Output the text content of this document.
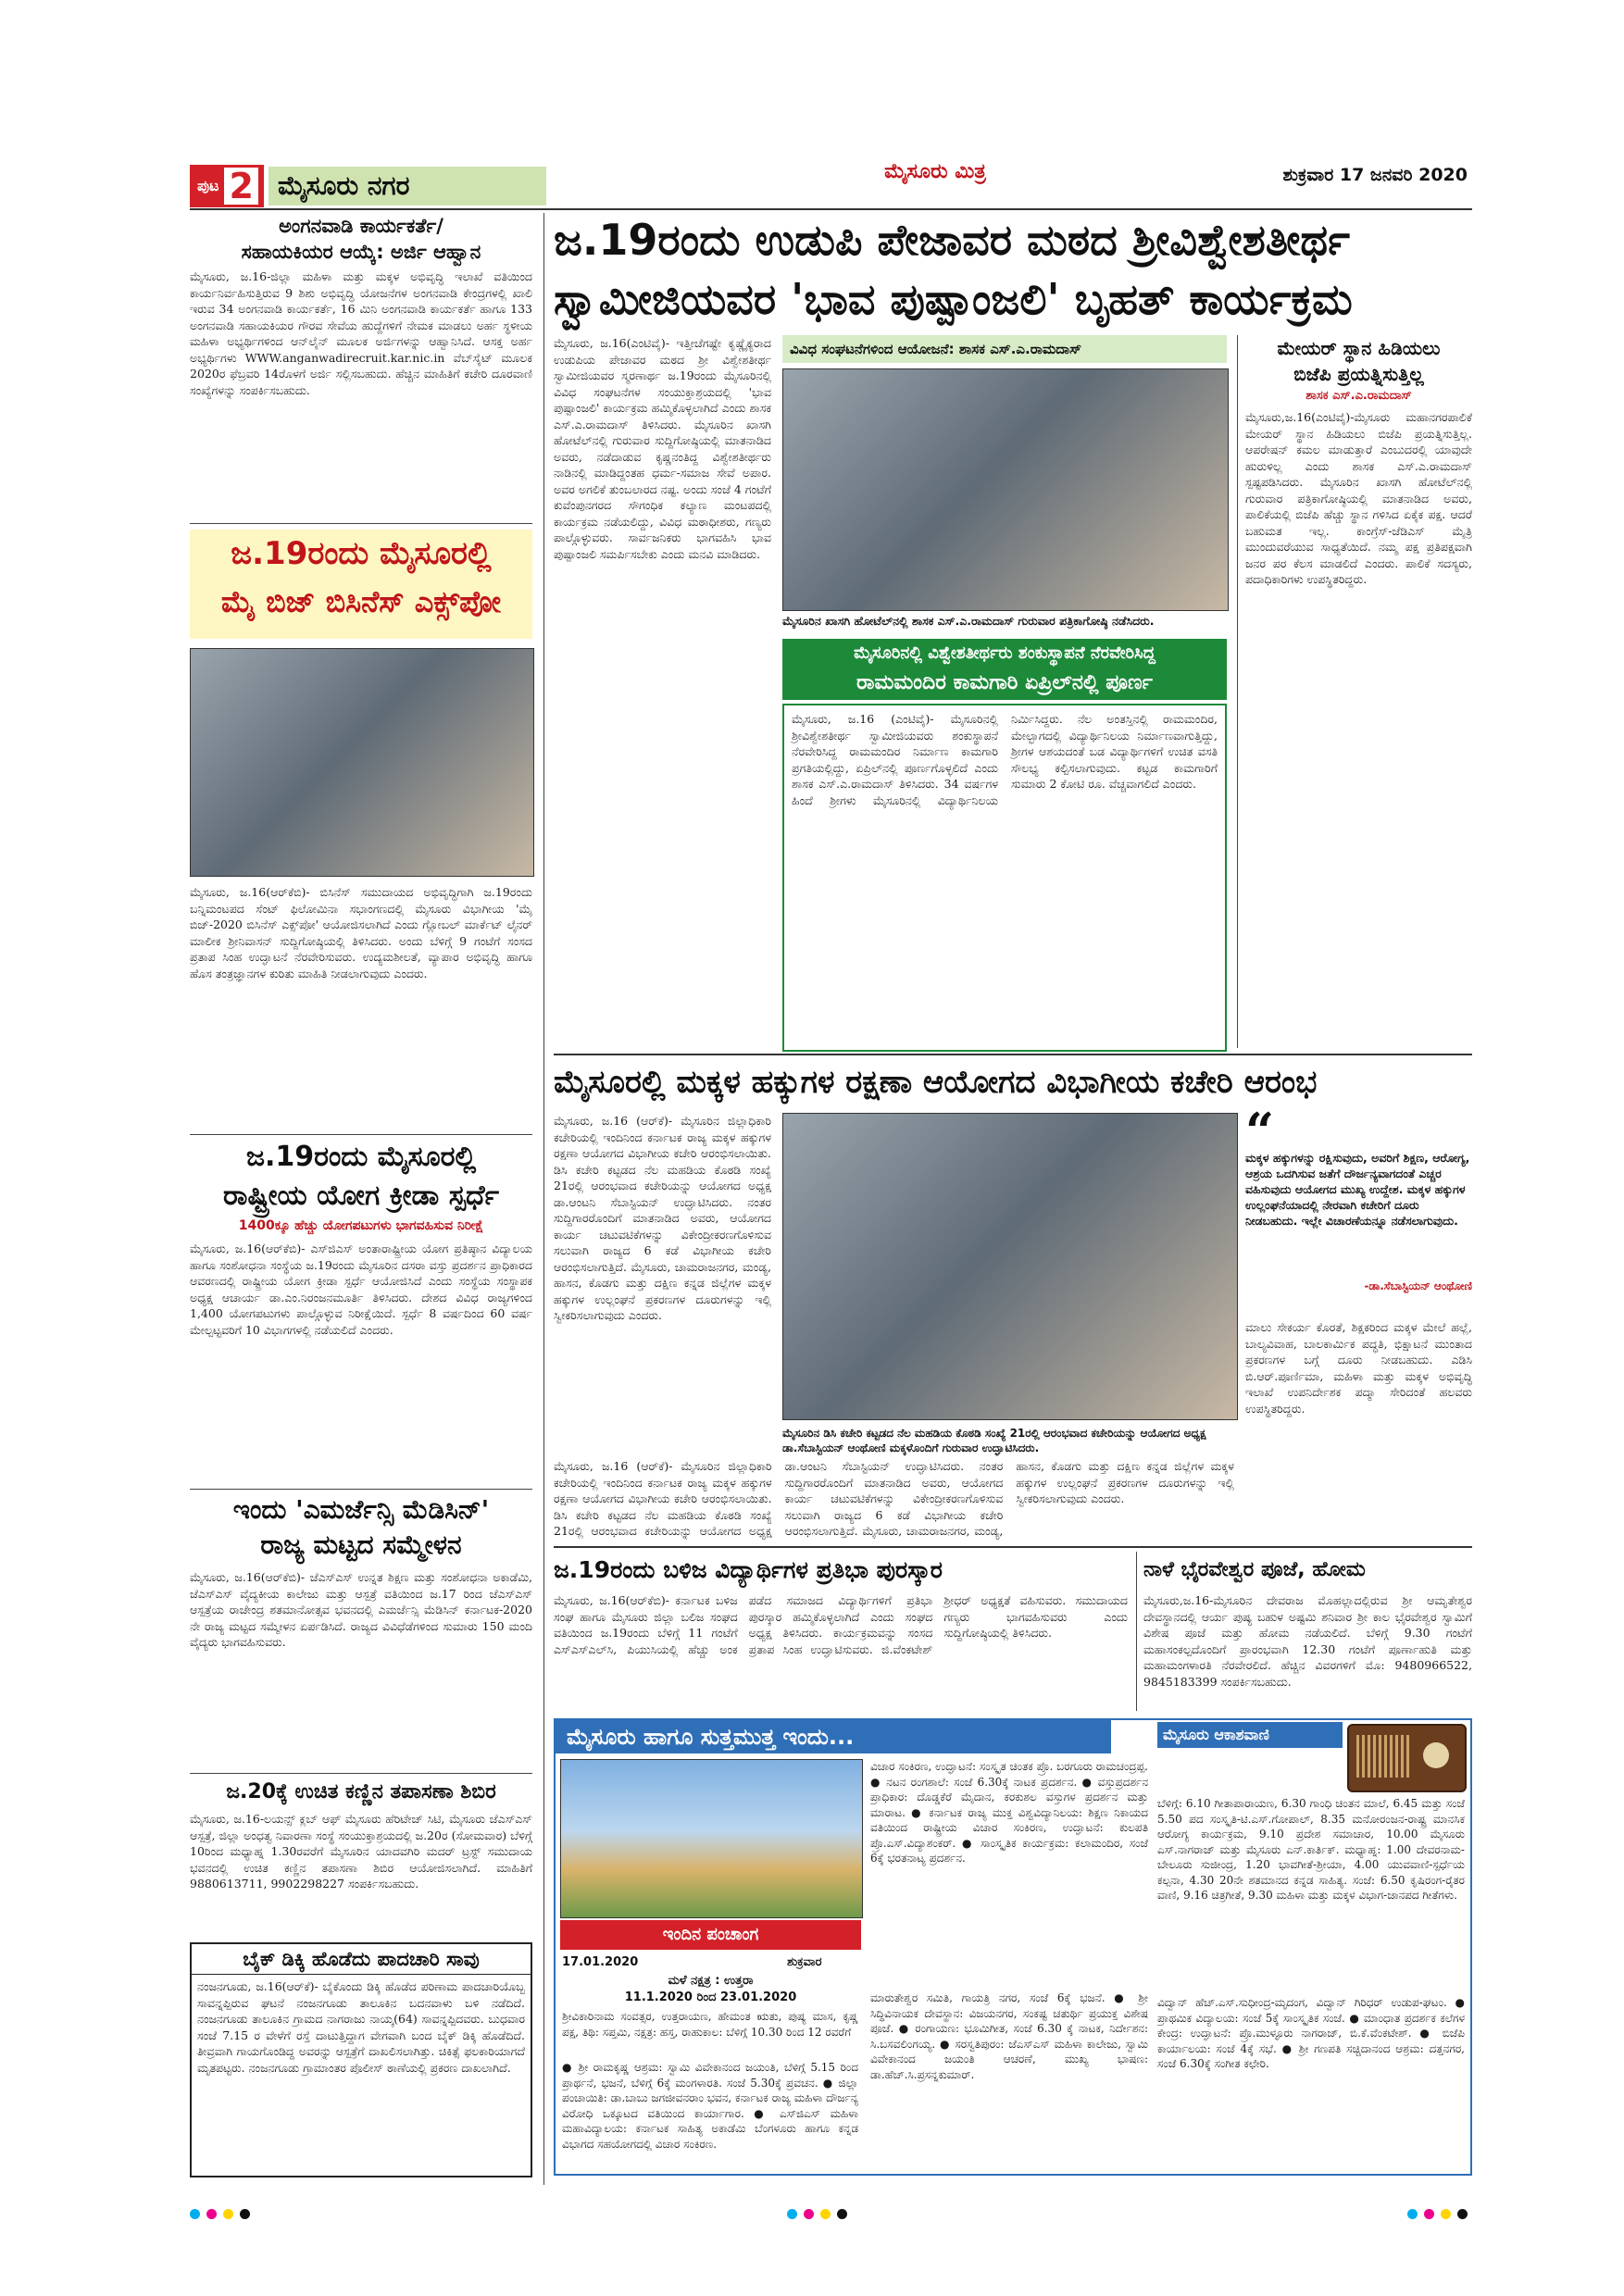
ಪುಟ 2 ಮೈಸೂರು ನಗರ	ಮೈಸೂರು ಮಿತ್ರ	ಶುಕ್ರವಾರ 17 ಜನವರಿ 2020
ಅಂಗನವಾಡಿ ಕಾರ್ಯಕರ್ತೆ/
ಸಹಾಯಕಿಯರ ಆಯ್ಕೆ: ಅರ್ಜಿ ಆಹ್ವಾನ
ಮೈಸೂರು, ಜ.16-ಜಿಲ್ಲಾ ಮಹಿಳಾ ಮತ್ತು ಮಕ್ಕಳ ಅಭಿವೃದ್ಧಿ ಇಲಾಖೆ ವತಿಯಿಂದ ಕಾರ್ಯನಿರ್ವಹಿಸುತ್ತಿರುವ 9 ಶಿಶು ಅಭಿವೃದ್ಧಿ ಯೋಜನೆಗಳ ಅಂಗನವಾಡಿ ಕೇಂದ್ರಗಳಲ್ಲಿ ಖಾಲಿ ಇರುವ 34 ಅಂಗನವಾಡಿ ಕಾರ್ಯಕರ್ತೆ, 16 ಮಿನಿ ಅಂಗನವಾಡಿ ಕಾರ್ಯಕರ್ತೆ ಹಾಗೂ 133 ಅಂಗನವಾಡಿ ಸಹಾಯಕಿಯರ ಗೌರವ ಸೇವೆಯ ಹುದ್ದೆಗಳಿಗೆ ನೇಮಕ ಮಾಡಲು ಅರ್ಹ ಸ್ಥಳೀಯ ಮಹಿಳಾ ಅಭ್ಯರ್ಥಿಗಳಿಂದ ಆನ್‌ಲೈನ್ ಮೂಲಕ ಅರ್ಜಿಗಳನ್ನು ಆಹ್ವಾನಿಸಿದೆ. ಆಸಕ್ತ ಅರ್ಹ ಅಭ್ಯರ್ಥಿಗಳು WWW.anganwadirecruit.kar.nic.in ವೆಬ್‌ಸೈಟ್ ಮೂಲಕ 2020ರ ಫೆಬ್ರವರಿ 14ರೊಳಗೆ ಅರ್ಜಿ ಸಲ್ಲಿಸಬಹುದು. ಹೆಚ್ಚಿನ ಮಾಹಿತಿಗೆ ಕಚೇರಿ ದೂರವಾಣಿ ಸಂಖ್ಯೆಗಳನ್ನು ಸಂಪರ್ಕಿಸಬಹುದು.
ಜ.19ರಂದು ಮೈಸೂರಲ್ಲಿ
ಮೈ ಬಿಜ್ ಬಿಸಿನೆಸ್ ಎಕ್ಸ್‌ಪೋ
ಮೈಸೂರು, ಜ.16(ಆರ್‌ಕೆಬಿ)- ಬಿಸಿನೆಸ್ ಸಮುದಾಯದ ಅಭಿವೃದ್ಧಿಗಾಗಿ ಜ.19ರಂದು ಬನ್ನಿಮಂಟಪದ ಸೆಂಟ್ ಫಿಲೋಮಿನಾ ಸಭಾಂಗಣದಲ್ಲಿ ಮೈಸೂರು ವಿಭಾಗೀಯ 'ಮೈ ಬಿಜ್-2020 ಬಿಸಿನೆಸ್ ಎಕ್ಸ್‌ಪೋ' ಆಯೋಜಿಸಲಾಗಿದೆ ಎಂದು ಗ್ಲೋಬಲ್ ಮಾರ್ಕೆಟ್ ಲೈನರ್ ಮಾಲೀಕ ಶ್ರೀನಿವಾಸನ್ ಸುದ್ದಿಗೋಷ್ಠಿಯಲ್ಲಿ ತಿಳಿಸಿದರು. ಅಂದು ಬೆಳಿಗ್ಗೆ 9 ಗಂಟೆಗೆ ಸಂಸದ ಪ್ರತಾಪ ಸಿಂಹ ಉದ್ಘಾಟನೆ ನೆರವೇರಿಸುವರು. ಉದ್ಯಮಶೀಲತೆ, ವ್ಯಾಪಾರ ಅಭಿವೃದ್ಧಿ ಹಾಗೂ ಹೊಸ ತಂತ್ರಜ್ಞಾನಗಳ ಕುರಿತು ಮಾಹಿತಿ ನೀಡಲಾಗುವುದು ಎಂದರು.
ಜ.19ರಂದು ಮೈಸೂರಲ್ಲಿ
ರಾಷ್ಟ್ರೀಯ ಯೋಗ ಕ್ರೀಡಾ ಸ್ಪರ್ಧೆ
1400ಕ್ಕೂ ಹೆಚ್ಚು ಯೋಗಪಟುಗಳು ಭಾಗವಹಿಸುವ ನಿರೀಕ್ಷೆ
ಮೈಸೂರು, ಜ.16(ಆರ್‌ಕೆಬಿ)- ಎಸ್‌ಜಿಎಸ್ ಅಂತಾರಾಷ್ಟ್ರೀಯ ಯೋಗ ಪ್ರತಿಷ್ಠಾನ ವಿದ್ಯಾಲಯ ಹಾಗೂ ಸಂಶೋಧನಾ ಸಂಸ್ಥೆಯ ಜ.19ರಂದು ಮೈಸೂರಿನ ದಸರಾ ವಸ್ತು ಪ್ರದರ್ಶನ ಪ್ರಾಧಿಕಾರದ ಆವರಣದಲ್ಲಿ ರಾಷ್ಟ್ರೀಯ ಯೋಗ ಕ್ರೀಡಾ ಸ್ಪರ್ಧೆ ಆಯೋಜಿಸಿದೆ ಎಂದು ಸಂಸ್ಥೆಯ ಸಂಸ್ಥಾಪಕ ಅಧ್ಯಕ್ಷ ಆಚಾರ್ಯ ಡಾ.ಎಂ.ನಿರಂಜನಮೂರ್ತಿ ತಿಳಿಸಿದರು. ದೇಶದ ವಿವಿಧ ರಾಜ್ಯಗಳಿಂದ 1,400 ಯೋಗಪಟುಗಳು ಪಾಲ್ಗೊಳ್ಳುವ ನಿರೀಕ್ಷೆಯಿದೆ. ಸ್ಪರ್ಧೆ 8 ವರ್ಷದಿಂದ 60 ವರ್ಷ ಮೇಲ್ಪಟ್ಟವರಿಗೆ 10 ವಿಭಾಗಗಳಲ್ಲಿ ನಡೆಯಲಿದೆ ಎಂದರು.
ಇಂದು 'ಎಮರ್ಜೆನ್ಸಿ ಮೆಡಿಸಿನ್'
ರಾಜ್ಯ ಮಟ್ಟದ ಸಮ್ಮೇಳನ
ಮೈಸೂರು, ಜ.16(ಆರ್‌ಕೆಬಿ)- ಜೆಎಸ್‌ಎಸ್ ಉನ್ನತ ಶಿಕ್ಷಣ ಮತ್ತು ಸಂಶೋಧನಾ ಅಕಾಡೆಮಿ, ಜೆಎಸ್‌ಎಸ್ ವೈದ್ಯಕೀಯ ಕಾಲೇಜು ಮತ್ತು ಆಸ್ಪತ್ರೆ ವತಿಯಿಂದ ಜ.17 ರಿಂದ ಜೆಎಸ್‌ಎಸ್ ಆಸ್ಪತ್ರೆಯ ರಾಜೇಂದ್ರ ಶತಮಾನೋತ್ಸವ ಭವನದಲ್ಲಿ ಎಮರ್ಜೆನ್ಸಿ ಮೆಡಿಸಿನ್ ಕರ್ನಾಟಕ-2020 ನೇ ರಾಜ್ಯ ಮಟ್ಟದ ಸಮ್ಮೇಳನ ಏರ್ಪಡಿಸಿದೆ. ರಾಜ್ಯದ ವಿವಿಧೆಡೆಗಳಿಂದ ಸುಮಾರು 150 ಮಂದಿ ವೈದ್ಯರು ಭಾಗವಹಿಸುವರು.
ಜ.20ಕ್ಕೆ ಉಚಿತ ಕಣ್ಣಿನ ತಪಾಸಣಾ ಶಿಬಿರ
ಮೈಸೂರು, ಜ.16-ಲಯನ್ಸ್ ಕ್ಲಬ್ ಆಫ್ ಮೈಸೂರು ಹೆರಿಟೇಜ್ ಸಿಟಿ, ಮೈಸೂರು ಜೆಎಸ್‌ಎಸ್ ಆಸ್ಪತ್ರೆ, ಜಿಲ್ಲಾ ಅಂಧತ್ವ ನಿವಾರಣಾ ಸಂಸ್ಥೆ ಸಂಯುಕ್ತಾಶ್ರಯದಲ್ಲಿ ಜ.20ರ (ಸೋಮವಾರ) ಬೆಳಿಗ್ಗೆ 10ರಿಂದ ಮಧ್ಯಾಹ್ನ 1.30ರವರೆಗೆ ಮೈಸೂರಿನ ಯಾದವಗಿರಿ ಮದರ್ ಟ್ರಸ್ಟ್ ಸಮುದಾಯ ಭವನದಲ್ಲಿ ಉಚಿತ ಕಣ್ಣಿನ ತಪಾಸಣಾ ಶಿಬಿರ ಆಯೋಜಿಸಲಾಗಿದೆ. ಮಾಹಿತಿಗೆ 9880613711, 9902298227 ಸಂಪರ್ಕಿಸಬಹುದು.
ಬೈಕ್ ಡಿಕ್ಕಿ ಹೊಡೆದು ಪಾದಚಾರಿ ಸಾವು
ನಂಜನಗೂಡು, ಜ.16(ಆರ್‌ಕೆ)- ಬೈಕೊಂದು ಡಿಕ್ಕಿ ಹೊಡೆದ ಪರಿಣಾಮ ಪಾದಚಾರಿಯೊಬ್ಬ ಸಾವನ್ನಪ್ಪಿರುವ ಘಟನೆ ನಂಜನಗೂಡು ತಾಲೂಕಿನ ಬದನವಾಳು ಬಳಿ ನಡೆದಿದೆ. ನಂಜನಗೂಡು ತಾಲೂಕಿನ ಗ್ರಾಮದ ನಾಗರಾಜು ನಾಯ್ಕ(64) ಸಾವನ್ನಪ್ಪಿದವರು. ಬುಧವಾರ ಸಂಜೆ 7.15 ರ ವೇಳೆಗೆ ರಸ್ತೆ ದಾಟುತ್ತಿದ್ದಾಗ ವೇಗವಾಗಿ ಬಂದ ಬೈಕ್ ಡಿಕ್ಕಿ ಹೊಡೆದಿದೆ. ತೀವ್ರವಾಗಿ ಗಾಯಗೊಂಡಿದ್ದ ಅವರನ್ನು ಆಸ್ಪತ್ರೆಗೆ ದಾಖಲಿಸಲಾಗಿತ್ತು. ಚಿಕಿತ್ಸೆ ಫಲಕಾರಿಯಾಗದೆ ಮೃತಪಟ್ಟರು. ನಂಜನಗೂಡು ಗ್ರಾಮಾಂತರ ಪೊಲೀಸ್ ಠಾಣೆಯಲ್ಲಿ ಪ್ರಕರಣ ದಾಖಲಾಗಿದೆ.
ಜ.19ರಂದು ಉಡುಪಿ ಪೇಜಾವರ ಮಠದ ಶ್ರೀವಿಶ್ವೇಶತೀರ್ಥ
ಸ್ವಾಮೀಜಿಯವರ 'ಭಾವ ಪುಷ್ಪಾಂಜಲಿ' ಬೃಹತ್ ಕಾರ್ಯಕ್ರಮ
ಮೈಸೂರು, ಜ.16(ಎಂಟಿವೈ)- ಇತ್ತೀಚೆಗಷ್ಟೇ ಕೃಷ್ಣೈಕ್ಯರಾದ ಉಡುಪಿಯ ಪೇಜಾವರ ಮಠದ ಶ್ರೀ ವಿಶ್ವೇಶತೀರ್ಥ ಸ್ವಾಮೀಜಿಯವರ ಸ್ಮರಣಾರ್ಥ ಜ.19ರಂದು ಮೈಸೂರಿನಲ್ಲಿ ವಿವಿಧ ಸಂಘಟನೆಗಳ ಸಂಯುಕ್ತಾಶ್ರಯದಲ್ಲಿ 'ಭಾವ ಪುಷ್ಪಾಂಜಲಿ' ಕಾರ್ಯಕ್ರಮ ಹಮ್ಮಿಕೊಳ್ಳಲಾಗಿದೆ ಎಂದು ಶಾಸಕ ಎಸ್.ಎ.ರಾಮದಾಸ್ ತಿಳಿಸಿದರು. ಮೈಸೂರಿನ ಖಾಸಗಿ ಹೋಟೆಲ್‌ನಲ್ಲಿ ಗುರುವಾರ ಸುದ್ದಿಗೋಷ್ಠಿಯಲ್ಲಿ ಮಾತನಾಡಿದ ಅವರು, ನಡೆದಾಡುವ ಕೃಷ್ಣನಂತಿದ್ದ ವಿಶ್ವೇಶತೀರ್ಥರು ನಾಡಿನಲ್ಲಿ ಮಾಡಿದ್ದಂತಹ ಧರ್ಮ-ಸಮಾಜ ಸೇವೆ ಅಪಾರ. ಅವರ ಅಗಲಿಕೆ ತುಂಬಲಾರದ ನಷ್ಟ. ಅಂದು ಸಂಜೆ 4 ಗಂಟೆಗೆ ಕುವೆಂಪುನಗರದ ಸೌಗಂಧಿಕ ಕಲ್ಯಾಣ ಮಂಟಪದಲ್ಲಿ ಕಾರ್ಯಕ್ರಮ ನಡೆಯಲಿದ್ದು, ವಿವಿಧ ಮಠಾಧೀಶರು, ಗಣ್ಯರು ಪಾಲ್ಗೊಳ್ಳುವರು. ಸಾರ್ವಜನಿಕರು ಭಾಗವಹಿಸಿ ಭಾವ ಪುಷ್ಪಾಂಜಲಿ ಸಮರ್ಪಿಸಬೇಕು ಎಂದು ಮನವಿ ಮಾಡಿದರು.
ವಿವಿಧ ಸಂಘಟನೆಗಳಿಂದ ಆಯೋಜನೆ: ಶಾಸಕ ಎಸ್.ಎ.ರಾಮದಾಸ್
ಮೈಸೂರಿನ ಖಾಸಗಿ ಹೋಟೆಲ್‌ನಲ್ಲಿ ಶಾಸಕ ಎಸ್.ಎ.ರಾಮದಾಸ್ ಗುರುವಾರ ಪತ್ರಿಕಾಗೋಷ್ಠಿ ನಡೆಸಿದರು.
ಮೈಸೂರಿನಲ್ಲಿ ವಿಶ್ವೇಶತೀರ್ಥರು ಶಂಕುಸ್ಥಾಪನೆ ನೆರವೇರಿಸಿದ್ದ
ರಾಮಮಂದಿರ ಕಾಮಗಾರಿ ಏಪ್ರಿಲ್‌ನಲ್ಲಿ ಪೂರ್ಣ
ಮೈಸೂರು, ಜ.16 (ಎಂಟಿವೈ)- ಮೈಸೂರಿನಲ್ಲಿ ಶ್ರೀವಿಶ್ವೇಶತೀರ್ಥ ಸ್ವಾಮೀಜಿಯವರು ಶಂಕುಸ್ಥಾಪನೆ ನೆರವೇರಿಸಿದ್ದ ರಾಮಮಂದಿರ ನಿರ್ಮಾಣ ಕಾಮಗಾರಿ ಪ್ರಗತಿಯಲ್ಲಿದ್ದು, ಏಪ್ರಿಲ್‌ನಲ್ಲಿ ಪೂರ್ಣಗೊಳ್ಳಲಿದೆ ಎಂದು ಶಾಸಕ ಎಸ್.ಎ.ರಾಮದಾಸ್ ತಿಳಿಸಿದರು. 34 ವರ್ಷಗಳ ಹಿಂದೆ ಶ್ರೀಗಳು ಮೈಸೂರಿನಲ್ಲಿ ವಿದ್ಯಾರ್ಥಿನಿಲಯ ನಿರ್ಮಿಸಿದ್ದರು. ನೆಲ ಅಂತಸ್ತಿನಲ್ಲಿ ರಾಮಮಂದಿರ, ಮೇಲ್ಭಾಗದಲ್ಲಿ ವಿದ್ಯಾರ್ಥಿನಿಲಯ ನಿರ್ಮಾಣವಾಗುತ್ತಿದ್ದು, ಶ್ರೀಗಳ ಆಶಯದಂತೆ ಬಡ ವಿದ್ಯಾರ್ಥಿಗಳಿಗೆ ಉಚಿತ ವಸತಿ ಸೌಲಭ್ಯ ಕಲ್ಪಿಸಲಾಗುವುದು. ಕಟ್ಟಡ ಕಾಮಗಾರಿಗೆ ಸುಮಾರು 2 ಕೋಟಿ ರೂ. ವೆಚ್ಚವಾಗಲಿದೆ ಎಂದರು.
ಮೇಯರ್ ಸ್ಥಾನ ಹಿಡಿಯಲು
ಬಿಜೆಪಿ ಪ್ರಯತ್ನಿಸುತ್ತಿಲ್ಲ
ಶಾಸಕ ಎಸ್.ಎ.ರಾಮದಾಸ್
ಮೈಸೂರು,ಜ.16(ಎಂಟಿವೈ)-ಮೈಸೂರು ಮಹಾನಗರಪಾಲಿಕೆ ಮೇಯರ್ ಸ್ಥಾನ ಹಿಡಿಯಲು ಬಿಜೆಪಿ ಪ್ರಯತ್ನಿಸುತ್ತಿಲ್ಲ. ಆಪರೇಷನ್ ಕಮಲ ಮಾಡುತ್ತಾರೆ ಎಂಬುದರಲ್ಲಿ ಯಾವುದೇ ಹುರುಳಿಲ್ಲ ಎಂದು ಶಾಸಕ ಎಸ್.ಎ.ರಾಮದಾಸ್ ಸ್ಪಷ್ಟಪಡಿಸಿದರು. ಮೈಸೂರಿನ ಖಾಸಗಿ ಹೋಟೆಲ್‌ನಲ್ಲಿ ಗುರುವಾರ ಪತ್ರಿಕಾಗೋಷ್ಠಿಯಲ್ಲಿ ಮಾತನಾಡಿದ ಅವರು, ಪಾಲಿಕೆಯಲ್ಲಿ ಬಿಜೆಪಿ ಹೆಚ್ಚು ಸ್ಥಾನ ಗಳಿಸಿದ ಏಕೈಕ ಪಕ್ಷ. ಆದರೆ ಬಹುಮತ ಇಲ್ಲ. ಕಾಂಗ್ರೆಸ್-ಜೆಡಿಎಸ್ ಮೈತ್ರಿ ಮುಂದುವರೆಯುವ ಸಾಧ್ಯತೆಯಿದೆ. ನಮ್ಮ ಪಕ್ಷ ಪ್ರತಿಪಕ್ಷವಾಗಿ ಜನರ ಪರ ಕೆಲಸ ಮಾಡಲಿದೆ ಎಂದರು. ಪಾಲಿಕೆ ಸದಸ್ಯರು, ಪದಾಧಿಕಾರಿಗಳು ಉಪಸ್ಥಿತರಿದ್ದರು.
ಮೈಸೂರಲ್ಲಿ ಮಕ್ಕಳ ಹಕ್ಕುಗಳ ರಕ್ಷಣಾ ಆಯೋಗದ ವಿಭಾಗೀಯ ಕಚೇರಿ ಆರಂಭ
ಮೈಸೂರು, ಜ.16 (ಆರ್‌ಕೆ)- ಮೈಸೂರಿನ ಜಿಲ್ಲಾಧಿಕಾರಿ ಕಚೇರಿಯಲ್ಲಿ ಇಂದಿನಿಂದ ಕರ್ನಾಟಕ ರಾಜ್ಯ ಮಕ್ಕಳ ಹಕ್ಕುಗಳ ರಕ್ಷಣಾ ಆಯೋಗದ ವಿಭಾಗೀಯ ಕಚೇರಿ ಆರಂಭಿಸಲಾಯಿತು. ಡಿಸಿ ಕಚೇರಿ ಕಟ್ಟಡದ ನೆಲ ಮಹಡಿಯ ಕೊಠಡಿ ಸಂಖ್ಯೆ 21ರಲ್ಲಿ ಆರಂಭವಾದ ಕಚೇರಿಯನ್ನು ಆಯೋಗದ ಅಧ್ಯಕ್ಷ ಡಾ.ಆಂಟನಿ ಸೆಬಾಸ್ಟಿಯನ್ ಉದ್ಘಾಟಿಸಿದರು. ನಂತರ ಸುದ್ದಿಗಾರರೊಂದಿಗೆ ಮಾತನಾಡಿದ ಅವರು, ಆಯೋಗದ ಕಾರ್ಯ ಚಟುವಟಿಕೆಗಳನ್ನು ವಿಕೇಂದ್ರೀಕರಣಗೊಳಿಸುವ ಸಲುವಾಗಿ ರಾಜ್ಯದ 6 ಕಡೆ ವಿಭಾಗೀಯ ಕಚೇರಿ ಆರಂಭಿಸಲಾಗುತ್ತಿದೆ. ಮೈಸೂರು, ಚಾಮರಾಜನಗರ, ಮಂಡ್ಯ, ಹಾಸನ, ಕೊಡಗು ಮತ್ತು ದಕ್ಷಿಣ ಕನ್ನಡ ಜಿಲ್ಲೆಗಳ ಮಕ್ಕಳ ಹಕ್ಕುಗಳ ಉಲ್ಲಂಘನೆ ಪ್ರಕರಣಗಳ ದೂರುಗಳನ್ನು ಇಲ್ಲಿ ಸ್ವೀಕರಿಸಲಾಗುವುದು ಎಂದರು.
ಮೈಸೂರಿನ ಡಿಸಿ ಕಚೇರಿ ಕಟ್ಟಡದ ನೆಲ ಮಹಡಿಯ ಕೊಠಡಿ ಸಂಖ್ಯೆ 21ರಲ್ಲಿ ಆರಂಭವಾದ ಕಚೇರಿಯನ್ನು ಆಯೋಗದ ಅಧ್ಯಕ್ಷ ಡಾ.ಸೆಬಾಸ್ಟಿಯನ್ ಆಂಥೋಣಿ ಮಕ್ಕಳೊಂದಿಗೆ ಗುರುವಾರ ಉದ್ಘಾಟಿಸಿದರು.
ಮೈಸೂರು, ಜ.16 (ಆರ್‌ಕೆ)- ಮೈಸೂರಿನ ಜಿಲ್ಲಾಧಿಕಾರಿ ಕಚೇರಿಯಲ್ಲಿ ಇಂದಿನಿಂದ ಕರ್ನಾಟಕ ರಾಜ್ಯ ಮಕ್ಕಳ ಹಕ್ಕುಗಳ ರಕ್ಷಣಾ ಆಯೋಗದ ವಿಭಾಗೀಯ ಕಚೇರಿ ಆರಂಭಿಸಲಾಯಿತು. ಡಿಸಿ ಕಚೇರಿ ಕಟ್ಟಡದ ನೆಲ ಮಹಡಿಯ ಕೊಠಡಿ ಸಂಖ್ಯೆ 21ರಲ್ಲಿ ಆರಂಭವಾದ ಕಚೇರಿಯನ್ನು ಆಯೋಗದ ಅಧ್ಯಕ್ಷ ಡಾ.ಆಂಟನಿ ಸೆಬಾಸ್ಟಿಯನ್ ಉದ್ಘಾಟಿಸಿದರು. ನಂತರ ಸುದ್ದಿಗಾರರೊಂದಿಗೆ ಮಾತನಾಡಿದ ಅವರು, ಆಯೋಗದ ಕಾರ್ಯ ಚಟುವಟಿಕೆಗಳನ್ನು ವಿಕೇಂದ್ರೀಕರಣಗೊಳಿಸುವ ಸಲುವಾಗಿ ರಾಜ್ಯದ 6 ಕಡೆ ವಿಭಾಗೀಯ ಕಚೇರಿ ಆರಂಭಿಸಲಾಗುತ್ತಿದೆ. ಮೈಸೂರು, ಚಾಮರಾಜನಗರ, ಮಂಡ್ಯ, ಹಾಸನ, ಕೊಡಗು ಮತ್ತು ದಕ್ಷಿಣ ಕನ್ನಡ ಜಿಲ್ಲೆಗಳ ಮಕ್ಕಳ ಹಕ್ಕುಗಳ ಉಲ್ಲಂಘನೆ ಪ್ರಕರಣಗಳ ದೂರುಗಳನ್ನು ಇಲ್ಲಿ ಸ್ವೀಕರಿಸಲಾಗುವುದು ಎಂದರು.
“
ಮಕ್ಕಳ ಹಕ್ಕುಗಳನ್ನು ರಕ್ಷಿಸುವುದು, ಅವರಿಗೆ ಶಿಕ್ಷಣ, ಆರೋಗ್ಯ, ಆಶ್ರಯ ಒದಗಿಸುವ ಜತೆಗೆ ದೌರ್ಜನ್ಯವಾಗದಂತೆ ಎಚ್ಚರ ವಹಿಸುವುದು ಆಯೋಗದ ಮುಖ್ಯ ಉದ್ದೇಶ. ಮಕ್ಕಳ ಹಕ್ಕುಗಳ ಉಲ್ಲಂಘನೆಯಾದಲ್ಲಿ ನೇರವಾಗಿ ಕಚೇರಿಗೆ ದೂರು ನೀಡಬಹುದು. ಇಲ್ಲೇ ವಿಚಾರಣೆಯನ್ನೂ ನಡೆಸಲಾಗುವುದು.
-ಡಾ.ಸೆಬಾಸ್ಟಿಯನ್ ಆಂಥೋಣಿ
ಮಾಲು ಸೇಕರ್ಯ ಕೊರತೆ, ಶಿಕ್ಷಕರಿಂದ ಮಕ್ಕಳ ಮೇಲೆ ಹಲ್ಲೆ, ಬಾಲ್ಯವಿವಾಹ, ಬಾಲಕಾರ್ಮಿಕ ಪದ್ಧತಿ, ಭಿಕ್ಷಾಟನೆ ಮುಂತಾದ ಪ್ರಕರಣಗಳ ಬಗ್ಗೆ ದೂರು ನೀಡಬಹುದು. ಎಡಿಸಿ ಬಿ.ಆರ್.ಪೂರ್ಣಿಮಾ, ಮಹಿಳಾ ಮತ್ತು ಮಕ್ಕಳ ಅಭಿವೃದ್ಧಿ ಇಲಾಖೆ ಉಪನಿರ್ದೇಶಕ ಪದ್ಮಾ ಸೇರಿದಂತೆ ಹಲವರು ಉಪಸ್ಥಿತರಿದ್ದರು.
ಜ.19ರಂದು ಬಳಿಜ ವಿದ್ಯಾರ್ಥಿಗಳ ಪ್ರತಿಭಾ ಪುರಸ್ಕಾರ
ಮೈಸೂರು, ಜ.16(ಆರ್‌ಕೆಬಿ)- ಕರ್ನಾಟಕ ಬಳಿಜ ಸಂಘ ಹಾಗೂ ಮೈಸೂರು ಜಿಲ್ಲಾ ಬಲಿಜ ಸಂಘದ ವತಿಯಿಂದ ಜ.19ರಂದು ಬೆಳಿಗ್ಗೆ 11 ಗಂಟೆಗೆ ಎಸ್‌ಎಸ್‌ಎಲ್‌ಸಿ, ಪಿಯುಸಿಯಲ್ಲಿ ಹೆಚ್ಚು ಅಂಕ ಪಡೆದ ಸಮಾಜದ ವಿದ್ಯಾರ್ಥಿಗಳಿಗೆ ಪ್ರತಿಭಾ ಪುರಸ್ಕಾರ ಹಮ್ಮಿಕೊಳ್ಳಲಾಗಿದೆ ಎಂದು ಸಂಘದ ಅಧ್ಯಕ್ಷ ತಿಳಿಸಿದರು. ಕಾರ್ಯಕ್ರಮವನ್ನು ಸಂಸದ ಪ್ರತಾಪ ಸಿಂಹ ಉದ್ಘಾಟಿಸುವರು. ಜಿ.ವೆಂಕಟೇಶ್ ಶ್ರೀಧರ್ ಅಧ್ಯಕ್ಷತೆ ವಹಿಸುವರು. ಸಮುದಾಯದ ಗಣ್ಯರು ಭಾಗವಹಿಸುವರು ಎಂದು ಸುದ್ದಿಗೋಷ್ಠಿಯಲ್ಲಿ ತಿಳಿಸಿದರು.
ನಾಳೆ ಭೈರವೇಶ್ವರ ಪೂಜೆ, ಹೋಮ
ಮೈಸೂರು,ಜ.16-ಮೈಸೂರಿನ ದೇವರಾಜ ಮೊಹಲ್ಲಾದಲ್ಲಿರುವ ಶ್ರೀ ಆಮೃತೇಶ್ವರ ದೇವಸ್ಥಾನದಲ್ಲಿ ಆರ್ಯ ಪುಷ್ಯ ಬಹುಳ ಅಷ್ಟಮಿ ಶನಿವಾರ ಶ್ರೀ ಕಾಲ ಭೈರವೇಶ್ವರ ಸ್ವಾಮಿಗೆ ವಿಶೇಷ ಪೂಜೆ ಮತ್ತು ಹೋಮ ನಡೆಯಲಿದೆ. ಬೆಳಿಗ್ಗೆ 9.30 ಗಂಟೆಗೆ ಮಹಾಸಂಕಲ್ಪದೊಂದಿಗೆ ಪ್ರಾರಂಭವಾಗಿ 12.30 ಗಂಟೆಗೆ ಪೂರ್ಣಾಹುತಿ ಮತ್ತು ಮಹಾಮಂಗಳಾರತಿ ನೆರವೇರಲಿದೆ. ಹೆಚ್ಚಿನ ವಿವರಗಳಿಗೆ ಮೊ: 9480966522, 9845183399 ಸಂಪರ್ಕಿಸಬಹುದು.
ಮೈಸೂರು ಹಾಗೂ ಸುತ್ತಮುತ್ತ ಇಂದು...
ಇಂದಿನ ಪಂಚಾಂಗ
17.01.2020	ಶುಕ್ರವಾರ
ಮಳೆ ನಕ್ಷತ್ರ : ಉತ್ತರಾ
11.1.2020 ರಿಂದ 23.01.2020
ಶ್ರೀವಿಕಾರಿನಾಮ ಸಂವತ್ಸರ, ಉತ್ತರಾಯಣ, ಹೇಮಂತ ಋತು, ಪುಷ್ಯ ಮಾಸ, ಕೃಷ್ಣ ಪಕ್ಷ, ತಿಥಿ: ಸಪ್ತಮಿ, ನಕ್ಷತ್ರ: ಹಸ್ತ, ರಾಹುಕಾಲ: ಬೆಳಿಗ್ಗೆ 10.30 ರಿಂದ 12 ರವರೆಗೆ
● ಶ್ರೀ ರಾಮಕೃಷ್ಣ ಆಶ್ರಮ: ಸ್ವಾಮಿ ವಿವೇಕಾನಂದ ಜಯಂತಿ, ಬೆಳಿಗ್ಗೆ 5.15 ರಿಂದ ಪ್ರಾರ್ಥನೆ, ಭಜನೆ, ಬೆಳಿಗ್ಗೆ 6ಕ್ಕೆ ಮಂಗಳಾರತಿ. ಸಂಜೆ 5.30ಕ್ಕೆ ಪ್ರವಚನ. ● ಜಿಲ್ಲಾ ಪಂಚಾಯಿತಿ: ಡಾ.ಬಾಬು ಜಗಜೀವನರಾಂ ಭವನ, ಕರ್ನಾಟಕ ರಾಜ್ಯ ಮಹಿಳಾ ದೌರ್ಜನ್ಯ ವಿರೋಧಿ ಒಕ್ಕೂಟದ ವತಿಯಿಂದ ಕಾರ್ಯಾಗಾರ. ● ಎಸ್‌ಜಿಎಸ್ ಮಹಿಳಾ ಮಹಾವಿದ್ಯಾಲಯ: ಕರ್ನಾಟಕ ಸಾಹಿತ್ಯ ಅಕಾಡೆಮಿ ಬೆಂಗಳೂರು ಹಾಗೂ ಕನ್ನಡ ವಿಭಾಗದ ಸಹಯೋಗದಲ್ಲಿ ವಿಚಾರ ಸಂಕಿರಣ.
ವಿಚಾರ ಸಂಕಿರಣ, ಉದ್ಘಾಟನೆ: ಸಂಸ್ಕೃತ ಚಿಂತಕ ಪ್ರೊ. ಬರಗೂರು ರಾಮಚಂದ್ರಪ್ಪ. ● ನಟನ ರಂಗಶಾಲೆ: ಸಂಜೆ 6.30ಕ್ಕೆ ನಾಟಕ ಪ್ರದರ್ಶನ. ● ವಸ್ತುಪ್ರದರ್ಶನ ಪ್ರಾಧಿಕಾರ: ದೊಡ್ಡಕೆರೆ ಮೈದಾನ, ಕರಕುಶಲ ವಸ್ತುಗಳ ಪ್ರದರ್ಶನ ಮತ್ತು ಮಾರಾಟ. ● ಕರ್ನಾಟಕ ರಾಜ್ಯ ಮುಕ್ತ ವಿಶ್ವವಿದ್ಯಾನಿಲಯ: ಶಿಕ್ಷಣ ನಿಕಾಯದ ವತಿಯಿಂದ ರಾಷ್ಟ್ರೀಯ ವಿಚಾರ ಸಂಕಿರಣ, ಉದ್ಘಾಟನೆ: ಕುಲಪತಿ ಪ್ರೊ.ಎಸ್.ವಿದ್ಯಾಶಂಕರ್. ● ಸಾಂಸ್ಕೃತಿಕ ಕಾರ್ಯಕ್ರಮ: ಕಲಾಮಂದಿರ, ಸಂಜೆ 6ಕ್ಕೆ ಭರತನಾಟ್ಯ ಪ್ರದರ್ಶನ.
ಮಾರುತೇಶ್ವರ ಸಮಿತಿ, ಗಾಯತ್ರಿ ನಗರ, ಸಂಜೆ 6ಕ್ಕೆ ಭಜನೆ. ● ಶ್ರೀ ಸಿದ್ಧಿವಿನಾಯಕ ದೇವಸ್ಥಾನ: ವಿಜಯನಗರ, ಸಂಕಷ್ಟ ಚತುರ್ಥಿ ಪ್ರಯುಕ್ತ ವಿಶೇಷ ಪೂಜೆ. ● ರಂಗಾಯಣ: ಭೂಮಿಗೀತ, ಸಂಜೆ 6.30 ಕ್ಕೆ ನಾಟಕ, ನಿರ್ದೇಶನ: ಸಿ.ಬಸವಲಿಂಗಯ್ಯ. ● ಸರಸ್ವತಿಪುರಂ: ಜೆಎಸ್‌ಎಸ್ ಮಹಿಳಾ ಕಾಲೇಜು, ಸ್ವಾಮಿ ವಿವೇಕಾನಂದ ಜಯಂತಿ ಆಚರಣೆ, ಮುಖ್ಯ ಭಾಷಣ: ಡಾ.ಹೆಚ್.ಸಿ.ಪ್ರಸನ್ನಕುಮಾರ್.
ಮೈಸೂರು ಆಕಾಶವಾಣಿ
ಬೆಳಿಗ್ಗೆ: 6.10 ಗೀತಾಪಾರಾಯಣ, 6.30 ಗಾಂಧಿ ಚಿಂತನ ಮಾಲೆ, 6.45 ಮತ್ತು ಸಂಜೆ 5.50 ಪದ ಸಂಸ್ಕೃತಿ-ಟಿ.ಎಸ್.ಗೋಪಾಲ್, 8.35 ಮನೋರಂಜನ-ರಾಷ್ಟ್ರ ಮಾನಸಿಕ ಆರೋಗ್ಯ ಕಾರ್ಯಕ್ರಮ, 9.10 ಪ್ರದೇಶ ಸಮಾಚಾರ, 10.00 ಮೈಸೂರು ಎಸ್.ನಾಗರಾಜ್ ಮತ್ತು ಮೈಸೂರು ಎನ್.ಕಾರ್ತಿಕ್. ಮಧ್ಯಾಹ್ನ: 1.00 ದೇವರನಾಮ-ಬೇಲೂರು ಸುಜೀಂದ್ರ, 1.20 ಭಾವಗೀತೆ-ಶ್ರೀಯಾ, 4.00 ಯುವವಾಣಿ-ಸ್ಪರ್ಧೆಯ ಕಲ್ಪನಾ, 4.30 20ನೇ ಶತಮಾನದ ಕನ್ನಡ ಸಾಹಿತ್ಯ. ಸಂಜೆ: 6.50 ಕೃಷಿರಂಗ-ರೈತರ ವಾಣಿ, 9.16 ಚಿತ್ರಗೀತೆ, 9.30 ಮಹಿಳಾ ಮತ್ತು ಮಕ್ಕಳ ವಿಭಾಗ-ಜಾನಪದ ಗೀತೆಗಳು.
ವಿದ್ವಾನ್ ಹೆಚ್.ಎಸ್.ಸುಧೀಂದ್ರ-ಮೃದಂಗ, ವಿದ್ವಾನ್ ಗಿರಿಧರ್ ಉಡುಪ-ಘಟಂ. ● ಪ್ರಾಥಮಿಕ ವಿದ್ಯಾಲಯ: ಸಂಜೆ 5ಕ್ಕೆ ಸಾಂಸ್ಕೃತಿಕ ಸಂಜೆ. ● ಮಾಂಧಾತ ಪ್ರದರ್ಶಕ ಕಲೆಗಳ ಕೇಂದ್ರ: ಉದ್ಘಾಟನೆ: ಪ್ರೊ.ಮುಳ್ಳೂರು ನಾಗರಾಜ್, ಬಿ.ಕೆ.ವೆಂಕಟೇಶ್. ● ಬಿಜೆಪಿ ಕಾರ್ಯಾಲಯ: ಸಂಜೆ 4ಕ್ಕೆ ಸಭೆ. ● ಶ್ರೀ ಗಣಪತಿ ಸಚ್ಚಿದಾನಂದ ಆಶ್ರಮ: ದತ್ತನಗರ, ಸಂಜೆ 6.30ಕ್ಕೆ ಸಂಗೀತ ಕಛೇರಿ.
